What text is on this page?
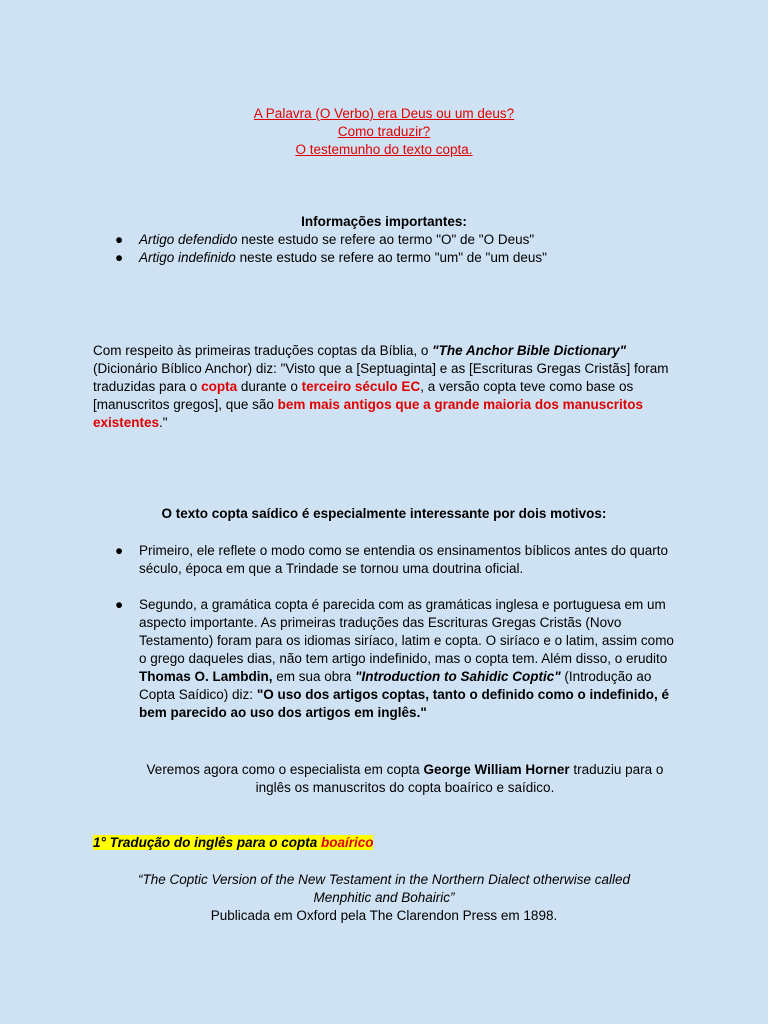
A Palavra (O Verbo) era Deus ou um deus?
Como traduzir?
O testemunho do texto copta.
Informações importantes:
● Artigo defendido neste estudo se refere ao termo "O" de "O Deus"
● Artigo indefinido neste estudo se refere ao termo "um" de "um deus"
Com respeito às primeiras traduções coptas da Bíblia, o "The Anchor Bible Dictionary" (Dicionário Bíblico Anchor) diz: "Visto que a [Septuaginta] e as [Escrituras Gregas Cristãs] foram traduzidas para o copta durante o terceiro século EC, a versão copta teve como base os [manuscritos gregos], que são bem mais antigos que a grande maioria dos manuscritos existentes."
O texto copta saídico é especialmente interessante por dois motivos:
● Primeiro, ele reflete o modo como se entendia os ensinamentos bíblicos antes do quarto século, época em que a Trindade se tornou uma doutrina oficial.
● Segundo, a gramática copta é parecida com as gramáticas inglesa e portuguesa em um aspecto importante. As primeiras traduções das Escrituras Gregas Cristãs (Novo Testamento) foram para os idiomas siríaco, latim e copta. O siríaco e o latim, assim como o grego daqueles dias, não tem artigo indefinido, mas o copta tem. Além disso, o erudito Thomas O. Lambdin, em sua obra "Introduction to Sahidic Coptic" (Introdução ao Copta Saídico) diz: "O uso dos artigos coptas, tanto o definido como o indefinido, é bem parecido ao uso dos artigos em inglês."
Veremos agora como o especialista em copta George William Horner traduziu para o inglês os manuscritos do copta boaírico e saídico.
1° Tradução do inglês para o copta boaírico
“The Coptic Version of the New Testament in the Northern Dialect otherwise called
Menphitic and Bohairic”
Publicada em Oxford pela The Clarendon Press em 1898.
